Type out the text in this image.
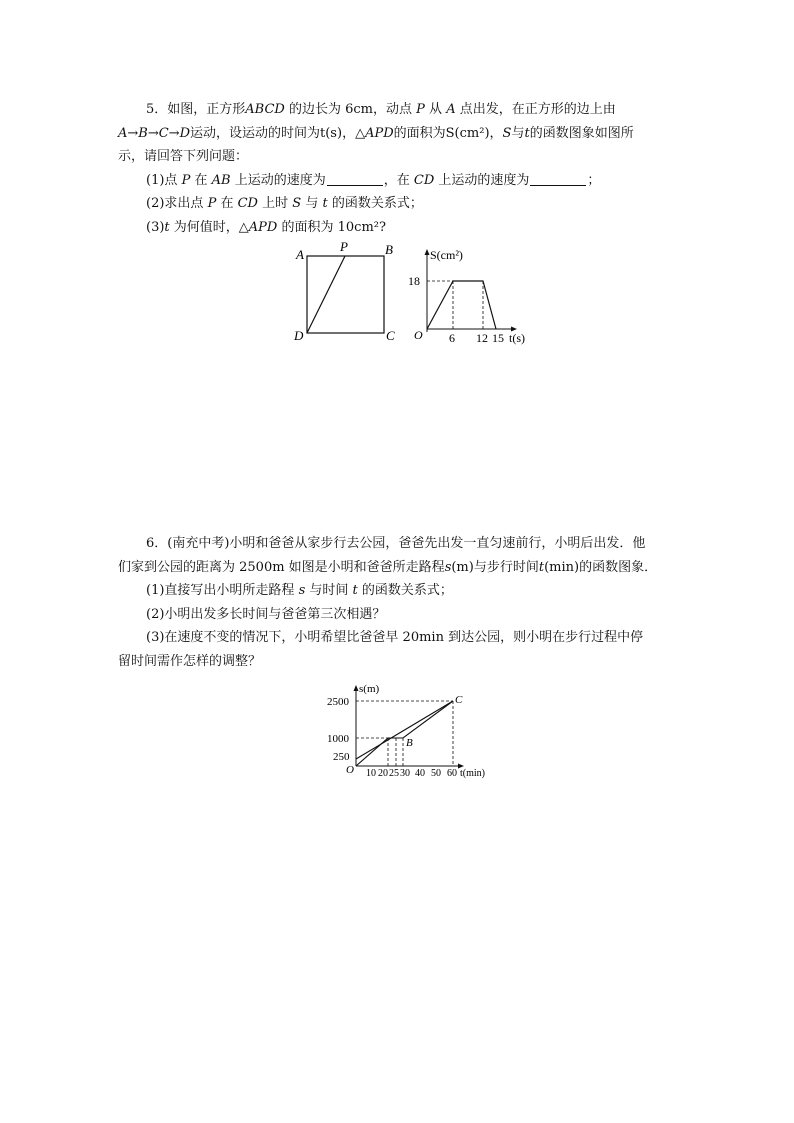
5．如图，正方形ABCD 的边长为 6cm，动点 P 从 A 点出发，在正方形的边上由
A→B→C→D运动，设运动的时间为t(s)，△APD的面积为S(cm²)，S与t的函数图象如图所
示，请回答下列问题：
(1)点 P 在 AB 上运动的速度为	，在 CD 上运动的速度为	；
(2)求出点 P 在 CD 上时 S 与 t 的函数关系式；
(3)t 为何值时，△APD 的面积为 10cm²?
A
P	B
D	C
S(cm²)
18
O 6 12 15 t(s)
6．(南充中考)小明和爸爸从家步行去公园，爸爸先出发一直匀速前行，小明后出发．他
们家到公园的距离为 2500m 如图是小明和爸爸所走路程s(m)与步行时间t(min)的函数图象．
(1)直接写出小明所走路程 s 与时间 t 的函数关系式；
(2)小明出发多长时间与爸爸第三次相遇？
(3)在速度不变的情况下，小明希望比爸爸早 20min 到达公园，则小明在步行过程中停
留时间需作怎样的调整？
s(m)
2500
1000
250
O
B
C
10 20 25 30 40 50 60 t(min)
